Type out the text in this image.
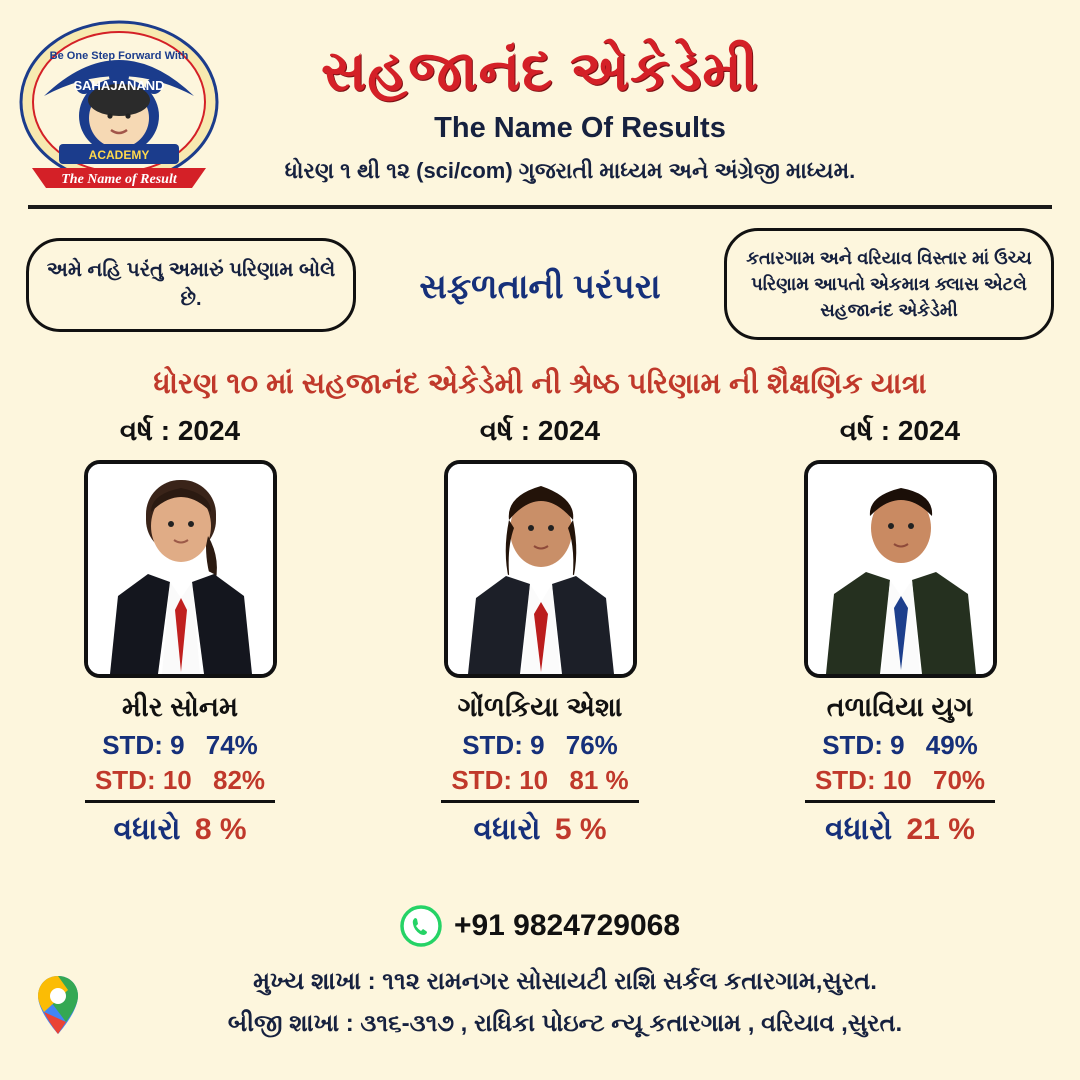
Be One Step Forward With
SAHAJANAND
ACADEMY
The Name of Result
સહજાનંદ એકેડેમી
The Name Of Results
ધોરણ ૧ થી ૧૨ (sci/com) ગુજરાતી માધ્યમ અને અંગ્રેજી માધ્યમ.
અમે નહિ પરંતુ અમારું પરિણામ બોલે છે.	સફળતાની પરંપરા
કતારગામ અને વરિયાવ વિસ્તાર માં ઉચ્ચ પરિણામ આપતો એકમાત્ર ક્લાસ એટલે સહજાનંદ એકેડેમી
ધોરણ ૧૦ માં સહજાનંદ એકેડેમી ની શ્રેષ્ઠ પરિણામ ની શૈક્ષણિક યાત્રા
વર્ષ : 2024
મીર સોનમ
STD: 9 74%
STD: 10 82%
વધારો 8 %
વર્ષ : 2024
ગોંળકિયા એશા
STD: 9 76%
STD: 10 81 %
વધારો 5 %
વર્ષ : 2024
તળાવિયા યુગ
STD: 9 49%
STD: 10 70%
વધારો 21 %
+91 9824729068
મુખ્ય શાખા : ૧૧૨ રામનગર સોસાયટી રાશિ સર્કલ કતારગામ,સુરત.
બીજી શાખા : ૩૧૬-૩૧૭ , રાધિકા પોઇન્ટ ન્યૂ કતારગામ , વરિયાવ ,સુરત.
